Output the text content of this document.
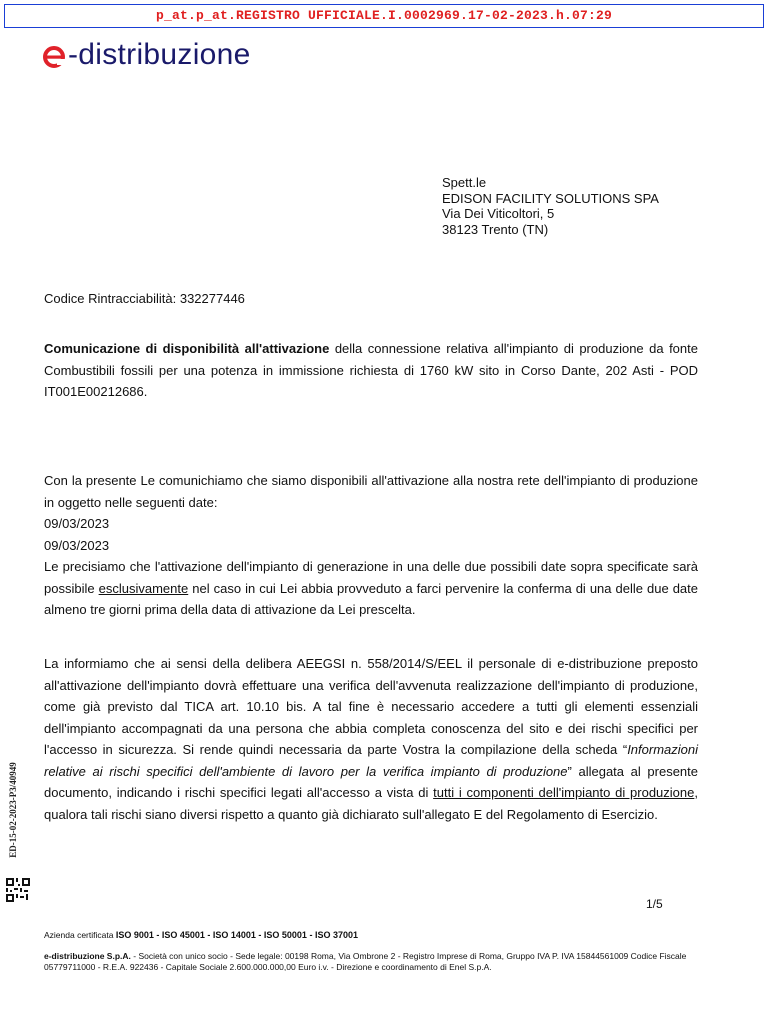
p_at.p_at.REGISTRO UFFICIALE.I.0002969.17-02-2023.h.07:29
-distribuzione
Spett.le
EDISON FACILITY SOLUTIONS SPA
Via Dei Viticoltori, 5
38123 Trento (TN)
Codice Rintracciabilità: 332277446
Comunicazione di disponibilità all'attivazione della connessione relativa all'impianto di produzione da fonte Combustibili fossili per una potenza in immissione richiesta di 1760 kW sito in Corso Dante, 202 Asti - POD IT001E00212686.
Con la presente Le comunichiamo che siamo disponibili all'attivazione alla nostra rete dell'impianto di produzione in oggetto nelle seguenti date:
09/03/2023
09/03/2023
Le precisiamo che l'attivazione dell'impianto di generazione in una delle due possibili date sopra specificate sarà possibile esclusivamente nel caso in cui Lei abbia provveduto a farci pervenire la conferma di una delle due date almeno tre giorni prima della data di attivazione da Lei prescelta.
La informiamo che ai sensi della delibera AEEGSI n. 558/2014/S/EEL il personale di e-distribuzione preposto all'attivazione dell'impianto dovrà effettuare una verifica dell'avvenuta realizzazione dell'impianto di produzione, come già previsto dal TICA art. 10.10 bis. A tal fine è necessario accedere a tutti gli elementi essenziali dell'impianto accompagnati da una persona che abbia completa conoscenza del sito e dei rischi specifici per l'accesso in sicurezza. Si rende quindi necessaria da parte Vostra la compilazione della scheda “Informazioni relative ai rischi specifici dell'ambiente di lavoro per la verifica impianto di produzione” allegata al presente documento, indicando i rischi specifici legati all'accesso a vista di tutti i componenti dell'impianto di produzione, qualora tali rischi siano diversi rispetto a quanto già dichiarato sull'allegato E del Regolamento di Esercizio.
1/5
ED-15-02-2023-P3/40949
Azienda certificata ISO 9001 - ISO 45001 - ISO 14001 - ISO 50001 - ISO 37001
e-distribuzione S.p.A. - Società con unico socio - Sede legale: 00198 Roma, Via Ombrone 2 - Registro Imprese di Roma, Gruppo IVA P. IVA 15844561009 Codice Fiscale 05779711000 - R.E.A. 922436 - Capitale Sociale 2.600.000.000,00 Euro i.v. - Direzione e coordinamento di Enel S.p.A.
